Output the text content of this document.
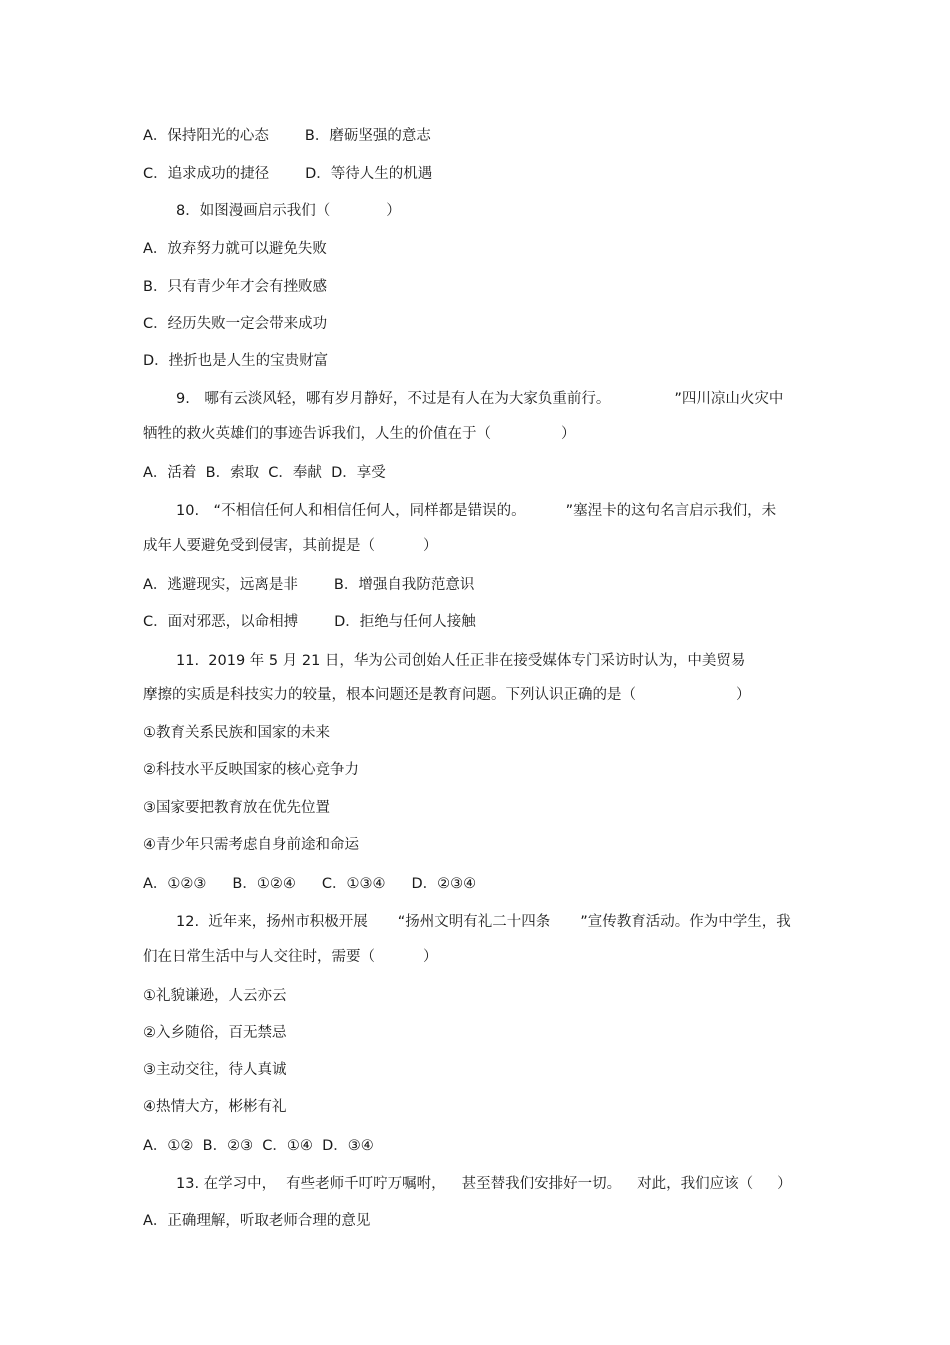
A．保持阳光的心态 B．磨砺坚强的意志
C．追求成功的捷径 D．等待人生的机遇
8．如图漫画启示我们（	）
A．放弃努力就可以避免失败
B．只有青少年才会有挫败感
C．经历失败一定会带来成功
D．挫折也是人生的宝贵财富
9.　哪有云淡风轻，哪有岁月静好，不过是有人在为大家负重前行。	”四川凉山火灾中
牺牲的救火英雄们的事迹告诉我们，人生的价值在于（	）
A．活着  B．索取  C．奉献  D．享受
10.　“不相信任何人和相信任何人，同样都是错误的。	”塞涅卡的这句名言启示我们，未
成年人要避免受到侵害，其前提是（	）
A．逃避现实，远离是非 B．增强自我防范意识
C．面对邪恶，以命相搏 D．拒绝与任何人接触
11.  2019 年 5 月 21 日，华为公司创始人任正非在接受媒体专门采访时认为，中美贸易
摩擦的实质是科技实力的较量，根本问题还是教育问题。下列认识正确的是（	）
①教育关系民族和国家的未来
②科技水平反映国家的核心竞争力
③国家要把教育放在优先位置
④青少年只需考虑自身前途和命运
A．①②③ B．①②④ C．①③④ D．②③④
12.  近年来，扬州市积极开展 “扬州文明有礼二十四条 ”宣传教育活动。作为中学生，我
们在日常生活中与人交往时，需要（	）
①礼貌谦逊，人云亦云
②入乡随俗，百无禁忌
③主动交往，待人真诚
④热情大方，彬彬有礼
A．①②  B．②③  C．①④  D．③④
13. 在学习中， 有些老师千叮咛万嘱咐， 甚至替我们安排好一切。 对此，我们应该（ ）
A．正确理解，听取老师合理的意见
